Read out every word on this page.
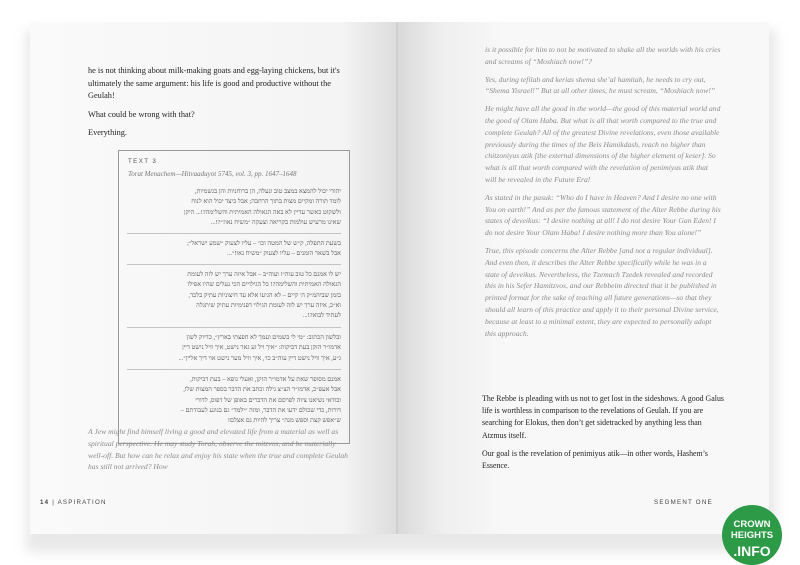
he is not thinking about milk-making goats and egg-laying chickens, but it's ultimately the same argument: his life is good and productive without the Geulah!

What could be wrong with that?

Everything.

TEXT 3
Torat Menachem—Hitvaaduyot 5745, vol. 3, pp. 1647–1648
יהודי יכול להמצא במצב טוב ונעלה, הן ברוחניות והן בגשמיות,
לומד תורה ומקיים מצות בתוך הרחבה; אבל כיצד יכול הוא לנוח
ולשקוט כאשר עדיין לא באה הגאולה האמיתית והשלימה?!... היקן
שאינו מרעיש עולמות בקריאה וצעקה ״משיח נאו!״?!...
בשעת התפלה, ק״ש של המטה וכו׳ – עליו לצעוק ״שמע ישראל״;
אבל בשאר הזמנים – עליו לצעוק ״משיח נאו!״...
יש לו אמנם כל טוב עוה״ז ועוה״ב – אבל איזה ערך יש לזה לעומת
הגאולה האמיתית והשלימה?! כל הגילויים הכי נעלים שהיו אפילו
בזמן שביהמ״ק ה׳ קיים – לא הגיעו אלא עד חיצוניות עתיק בלבד,
וא״כ, איזה ערך יש לזה לעומת הגילוי דפנימיות עתיק שיתגלה
לעתיד לבוא?!...
ובלשון הכתוב: ״מי לי בשמים ועמך לא חפצתי בארץ״, כדיוק לשון
אדמו״ר הזקן בעת דביקות: ״איך ויל זע גאר נישט, איך וויל נישט דײן
ג״ע, איך וויל נישט דײן עוה״ב כו׳, איך וויל מער נישט אוי דיך אלײן״...
אמנם מסופר שאת על אדמו״ר הזקן, ואעלי גופא – בעת דביקות,
אבל אעפ״כ, אדמו״ר הצ״צ גילה וכתב את הדבר בספר המצות שלו,
ובודאי נשיאנו ציוה לפרסם את הדברים באופן של דפוס, לדורי
דורות, כדי שכולם ידעו את הדבר, ומזה ״ילמד״ גם בנוגע לעבודתם –
ש״אפש קצת וספש מנה״ צריך להיות גם אצלם!
A Jew might find himself living a good and elevated life from a material as well as spiritual perspective. He may study Torah, observe the mitzvos, and be materially well-off. But how can he relax and enjoy his state when the true and complete Geulah has still not arrived? How
14 | ASPIRATION

is it possible for him to not be motivated to shake all the worlds with his cries and screams of “Moshiach now!”?

Yes, during tefilah and kerias shema she’al hamitah, he needs to cry out, “Shema Yisrael!” But at all other times, he must scream, “Moshiach now!”

He might have all the good in the world—the good of this material world and the good of Olam Haba. But what is all that worth compared to the true and complete Geulah? All of the greatest Divine revelations, even those available previously during the times of the Beis Hamikdash, reach no higher than chitzoniyus atik [the external dimensions of the higher element of keser]. So what is all that worth compared with the revelation of penimiyus atik that will be revealed in the Future Era!

As stated in the pasuk: “Who do I have in Heaven? And I desire no one with You on earth!” And as per the famous statement of the Alter Rebbe during his states of deveikus: “I desire nothing at all! I do not desire Your Gan Eden! I do not desire Your Olam Haba! I desire nothing more than You alone!”

True, this episode concerns the Alter Rebbe [and not a regular individual]. And even then, it describes the Alter Rebbe specifically while he was in a state of deveikus. Nevertheless, the Tzemach Tzedek revealed and recorded this in his Sefer Hamitzvos, and our Rebbeim directed that it be published in printed format for the sake of teaching all future generations—so that they should all learn of this practice and apply it to their personal Divine service, because at least to a minimal extent, they are expected to personally adopt this approach.

The Rebbe is pleading with us not to get lost in the sideshows. A good Galus life is worthless in comparison to the revelations of Geulah. If you are searching for Elokus, then don’t get sidetracked by anything less than Atzmus itself.

Our goal is the revelation of penimiyus atik—in other words, Hashem’s Essence.

SEGMENT ONE
CROWN
HEIGHTS
.INFO
